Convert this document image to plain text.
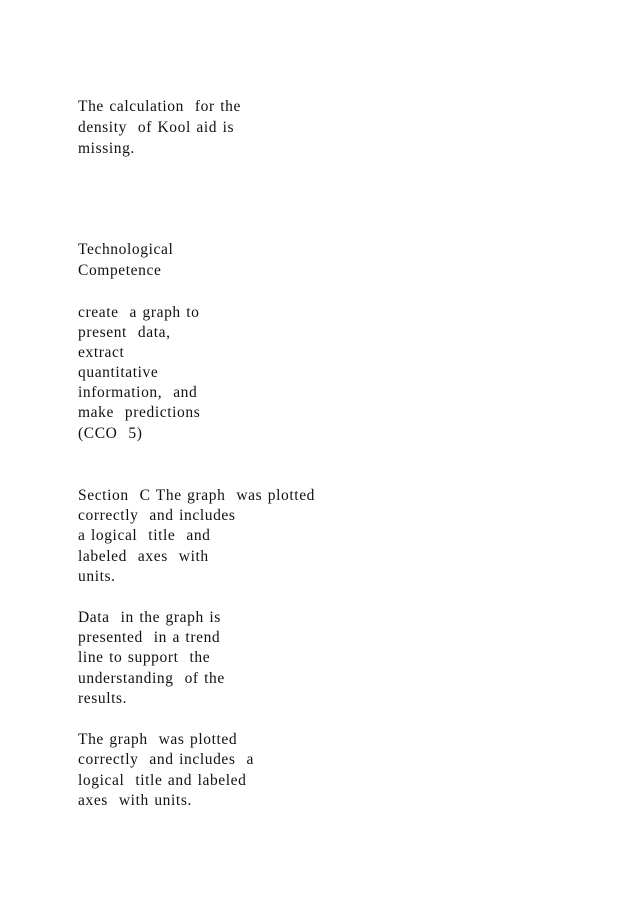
The calculation  for the
density  of Kool aid is
missing.
Technological
Competence
create  a graph to
present  data,
extract
quantitative
information,  and
make  predictions
(CCO  5)
Section  C The graph  was plotted
correctly  and includes
a logical  title  and
labeled  axes  with
units.
Data  in the graph is
presented  in a trend
line to support  the
understanding  of the
results.
The graph  was plotted
correctly  and includes  a
logical  title and labeled
axes  with units.
